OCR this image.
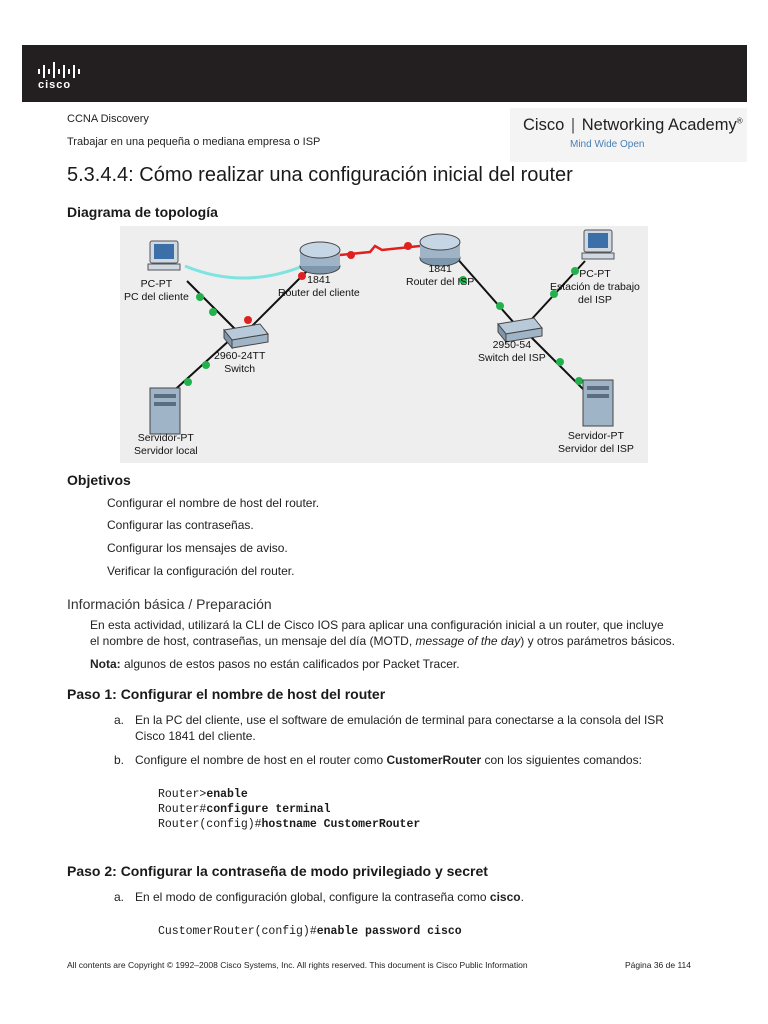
cisco
CCNA Discovery
Trabajar en una pequeña o mediana empresa o ISP
Cisco | Networking Academy®
Mind Wide Open
5.3.4.4: Cómo realizar una configuración inicial del router
Diagrama de topología
PC-PT
PC del cliente
1841
Router del cliente
2960-24TT
Switch
Servidor-PT
Servidor local
1841
Router del ISP
2950-54
Switch del ISP
PC-PT
Estación de trabajo
del ISP
Servidor-PT
Servidor del ISP
Objetivos
Configurar el nombre de host del router.
Configurar las contraseñas.
Configurar los mensajes de aviso.
Verificar la configuración del router.
Información básica / Preparación
En esta actividad, utilizará la CLI de Cisco IOS para aplicar una configuración inicial a un router, que incluye
el nombre de host, contraseñas, un mensaje del día (MOTD, message of the day) y otros parámetros básicos.
Nota: algunos de estos pasos no están calificados por Packet Tracer.
Paso 1: Configurar el nombre de host del router
a. En la PC del cliente, use el software de emulación de terminal para conectarse a la consola del ISR
Cisco 1841 del cliente.
b. Configure el nombre de host en el router como CustomerRouter con los siguientes comandos:
Router>enable
Router#configure terminal
Router(config)#hostname CustomerRouter
Paso 2: Configurar la contraseña de modo privilegiado y secret
a. En el modo de configuración global, configure la contraseña como cisco.
CustomerRouter(config)#enable password cisco
All contents are Copyright © 1992–2008 Cisco Systems, Inc. All rights reserved. This document is Cisco Public Information	Página 36 de 114
